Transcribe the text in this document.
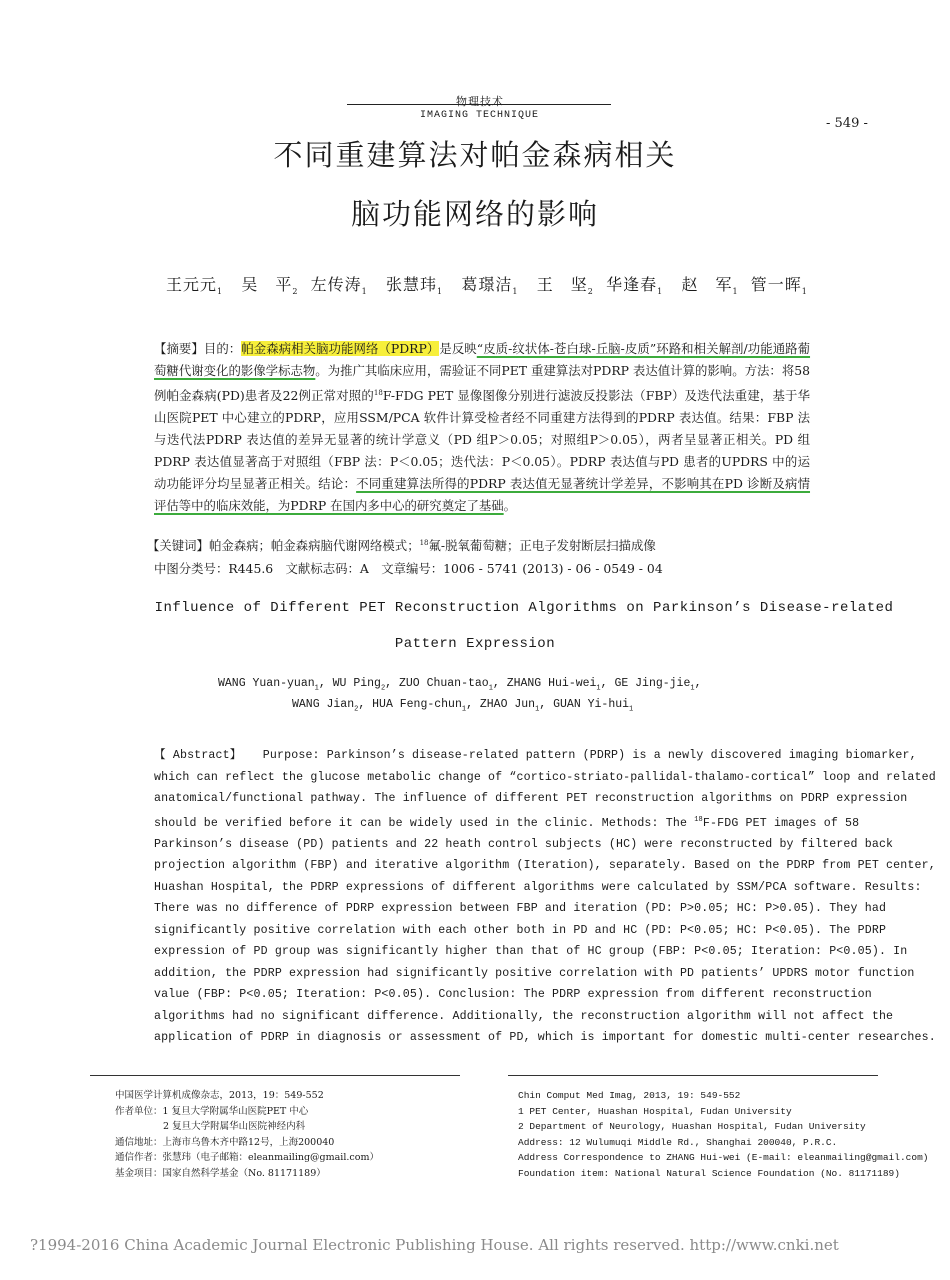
物理技术
IMAGING TECHNIQUE
- 549 -
不同重建算法对帕金森病相关
脑功能网络的影响
王元元$_1$ 吴　平$_2$ 左传涛$_1$ 张慧玮$_1$ 葛璟洁$_1$ 王　坚$_2$ 华逢春$_1$ 赵　军$_1$ 管一晖$_1$
【摘要】目的：帕金森病相关脑功能网络（PDRP）是反映“皮质-纹状体-苍白球-丘脑-皮质”环路和相关解剖/功能通路葡萄糖代谢变化的影像学标志物。为推广其临床应用，需验证不同PET 重建算法对PDRP 表达值计算的影响。方法：将58例帕金森病(PD)患者及22例正常对照的$^{18}$F-FDG PET 显像图像分别进行滤波反投影法（FBP）及迭代法重建，基于华山医院PET 中心建立的PDRP，应用SSM/PCA 软件计算受检者经不同重建方法得到的PDRP 表达值。结果：FBP 法与迭代法PDRP 表达值的差异无显著的统计学意义（PD 组P＞0.05；对照组P＞0.05），两者呈显著正相关。PD 组PDRP 表达值显著高于对照组（FBP 法：P＜0.05；迭代法：P＜0.05）。PDRP 表达值与PD 患者的UPDRS 中的运动功能评分均呈显著正相关。结论：不同重建算法所得的PDRP 表达值无显著统计学差异，不影响其在PD 诊断及病情评估等中的临床效能，为PDRP 在国内多中心的研究奠定了基础。
【关键词】帕金森病；帕金森病脑代谢网络模式；$^{18}$氟-脱氧葡萄糖；正电子发射断层扫描成像
中图分类号：R445.6　文献标志码：A　文章编号：1006 - 5741 (2013) - 06 - 0549 - 04
Influence of Different PET Reconstruction Algorithms on Parkinson’s Disease-related
Pattern Expression
WANG Yuan-yuan$_1$, WU Ping$_2$, ZUO Chuan-tao$_1$, ZHANG Hui-wei$_1$, GE Jing-jie$_1$,
WANG Jian$_2$, HUA Feng-chun$_1$, ZHAO Jun$_1$, GUAN Yi-hui$_1$
【 Abstract】 Purpose: Parkinson’s disease-related pattern (PDRP) is a newly discovered imaging biomarker, which can reflect the glucose metabolic change of “cortico-striato-pallidal-thalamo-cortical” loop and related anatomical/functional pathway. The influence of different PET reconstruction algorithms on PDRP expression should be verified before it can be widely used in the clinic. Methods: The $^{18}$F-FDG PET images of 58 Parkinson’s disease (PD) patients and 22 heath control subjects (HC) were reconstructed by filtered back projection algorithm (FBP) and iterative algorithm (Iteration), separately. Based on the PDRP from PET center, Huashan Hospital, the PDRP expressions of different algorithms were calculated by SSM/PCA software. Results: There was no difference of PDRP expression between FBP and iteration (PD: P>0.05; HC: P>0.05). They had significantly positive correlation with each other both in PD and HC (PD: P<0.05; HC: P<0.05). The PDRP expression of PD group was significantly higher than that of HC group (FBP: P<0.05; Iteration: P<0.05). In addition, the PDRP expression had significantly positive correlation with PD patients’ UPDRS motor function value (FBP: P<0.05; Iteration: P<0.05). Conclusion: The PDRP expression from different reconstruction algorithms had no significant difference. Additionally, the reconstruction algorithm will not affect the application of PDRP in diagnosis or assessment of PD, which is important for domestic multi-center researches.
中国医学计算机成像杂志，2013，19：549-552
作者单位：1 复旦大学附属华山医院PET 中心
2 复旦大学附属华山医院神经内科
通信地址：上海市乌鲁木齐中路12号，上海200040
通信作者：张慧玮（电子邮箱：eleanmailing@gmail.com）
基金项目：国家自然科学基金（No. 81171189）
Chin Comput Med Imag, 2013, 19: 549-552
1 PET Center, Huashan Hospital, Fudan University
2 Department of Neurology, Huashan Hospital, Fudan University
Address: 12 Wulumuqi Middle Rd., Shanghai 200040, P.R.C.
Address Correspondence to ZHANG Hui-wei (E-mail: eleanmailing@gmail.com)
Foundation item: National Natural Science Foundation (No. 81171189)
?1994-2016 China Academic Journal Electronic Publishing House. All rights reserved. http://www.cnki.net
